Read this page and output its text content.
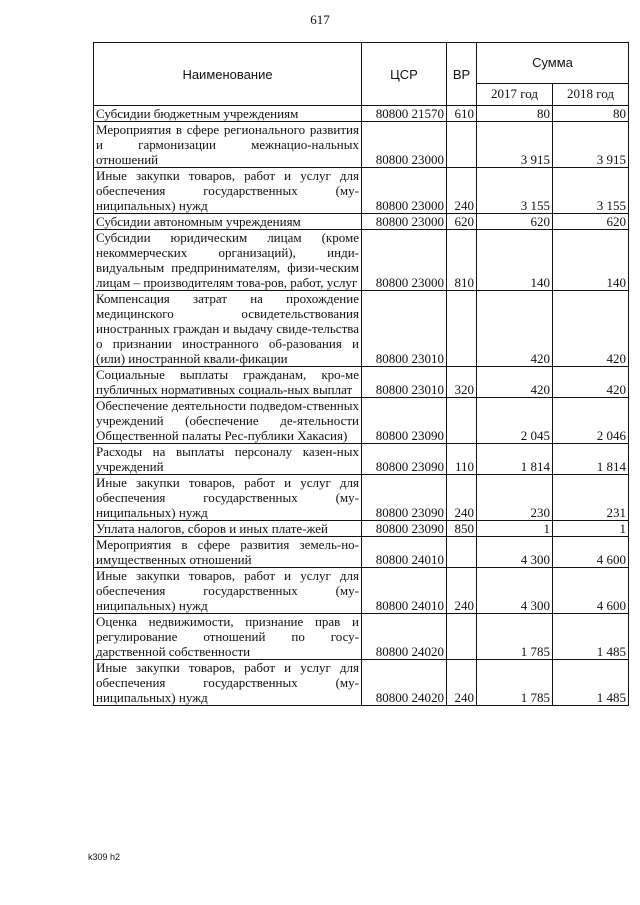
617
Наименование	ЦСР	ВР	Сумма	
			2017 год	2018 год
Субсидии бюджетным учреждениям	80800 21570	610	80	80
Мероприятия в сфере регионального развития и гармонизации межнацио-нальных отношений	80800 23000		3 915	3 915
Иные закупки товаров, работ и услуг для обеспечения государственных (му-ниципальных) нужд	80800 23000	240	3 155	3 155
Субсидии автономным учреждениям	80800 23000	620	620	620
Субсидии юридическим лицам (кроме некоммерческих организаций), инди-видуальным предпринимателям, физи-ческим лицам – производителям това-ров, работ, услуг	80800 23000	810	140	140
Компенсация затрат на прохождение медицинского освидетельствования иностранных граждан и выдачу свиде-тельства о признании иностранного об-разования и (или) иностранной квали-фикации	80800 23010		420	420
Социальные выплаты гражданам, кро-ме публичных нормативных социаль-ных выплат	80800 23010	320	420	420
Обеспечение деятельности подведом-ственных учреждений (обеспечение де-ятельности Общественной палаты Рес-публики Хакасия)	80800 23090		2 045	2 046
Расходы на выплаты персоналу казен-ных учреждений	80800 23090	110	1 814	1 814
Иные закупки товаров, работ и услуг для обеспечения государственных (му-ниципальных) нужд	80800 23090	240	230	231
Уплата налогов, сборов и иных плате-жей	80800 23090	850	1	1
Мероприятия в сфере развития земель-но-имущественных отношений	80800 24010		4 300	4 600
Иные закупки товаров, работ и услуг для обеспечения государственных (му-ниципальных) нужд	80800 24010	240	4 300	4 600
Оценка недвижимости, признание прав и регулирование отношений по госу-дарственной собственности	80800 24020		1 785	1 485
Иные закупки товаров, работ и услуг для обеспечения государственных (му-ниципальных) нужд	80800 24020	240	1 785	1 485
k309 h2
